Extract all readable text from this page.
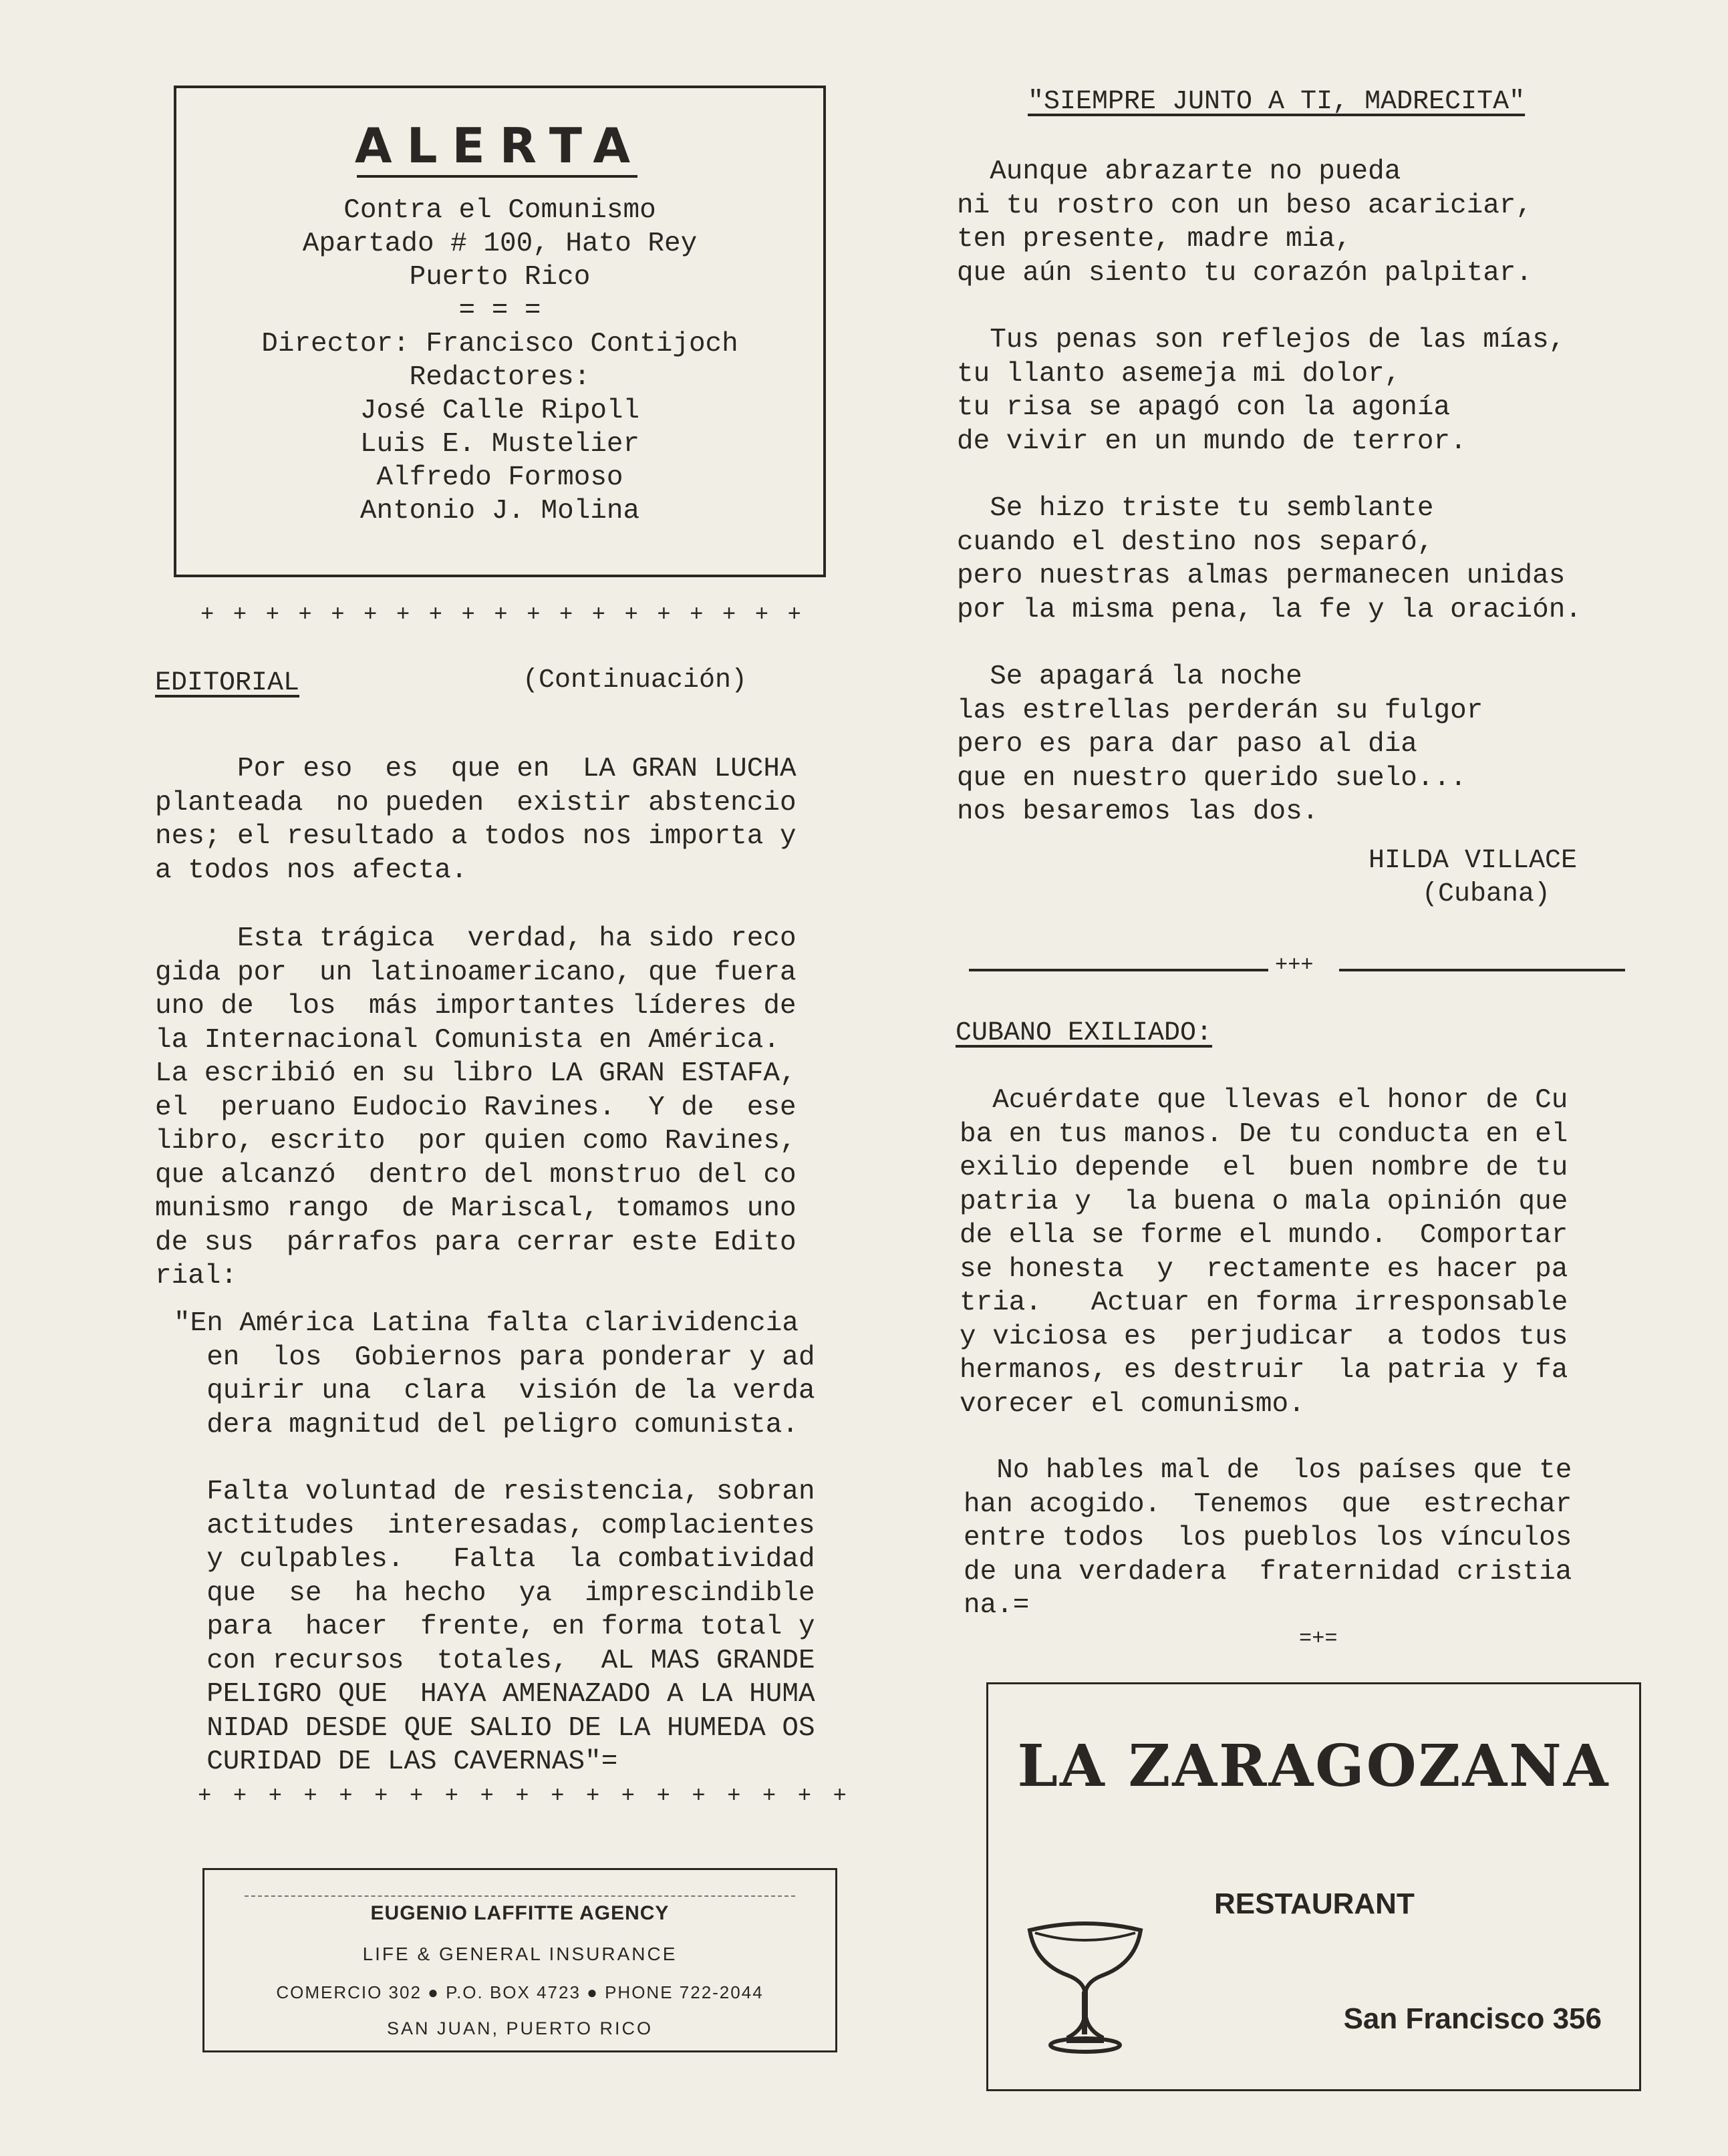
ALERTA
Contra el Comunismo
Apartado # 100, Hato Rey
Puerto Rico
= = =
Director: Francisco Contijoch
Redactores:
José Calle Ripoll
Luis E. Mustelier
Alfredo Formoso
Antonio J. Molina
+ + + + + + + + + + + + + + + + + + +
EDITORIAL	(Continuación)
Por eso  es  que en  LA GRAN LUCHA
planteada  no pueden  existir abstencio
nes; el resultado a todos nos importa y
a todos nos afecta.
Esta trágica  verdad, ha sido reco
gida por  un latinoamericano, que fuera
uno de  los  más importantes líderes de
la Internacional Comunista en América.
La escribió en su libro LA GRAN ESTAFA,
el  peruano Eudocio Ravines.  Y de  ese
libro, escrito  por quien como Ravines,
que alcanzó  dentro del monstruo del co
munismo rango  de Mariscal, tomamos uno
de sus  párrafos para cerrar este Edito
rial:
"En América Latina falta clarividencia
en  los  Gobiernos para ponderar y ad
quirir una  clara  visión de la verda
dera magnitud del peligro comunista.
Falta voluntad de resistencia, sobran
actitudes  interesadas, complacientes
y culpables.   Falta  la combatividad
que  se  ha hecho  ya  imprescindible
para  hacer  frente, en forma total y
con recursos  totales,  AL MAS GRANDE
PELIGRO QUE  HAYA AMENAZADO A LA HUMA
NIDAD DESDE QUE SALIO DE LA HUMEDA OS
CURIDAD DE LAS CAVERNAS"=
+ + + + + + + + + + + + + + + + + + +
EUGENIO LAFFITTE AGENCY
LIFE & GENERAL INSURANCE
COMERCIO 302 ● P.O. BOX 4723 ● PHONE 722-2044
SAN JUAN, PUERTO RICO
"SIEMPRE JUNTO A TI, MADRECITA"
Aunque abrazarte no pueda
ni tu rostro con un beso acariciar,
ten presente, madre mia,
que aún siento tu corazón palpitar.
Tus penas son reflejos de las mías,
tu llanto asemeja mi dolor,
tu risa se apagó con la agonía
de vivir en un mundo de terror.
Se hizo triste tu semblante
cuando el destino nos separó,
pero nuestras almas permanecen unidas
por la misma pena, la fe y la oración.
Se apagará la noche
las estrellas perderán su fulgor
pero es para dar paso al dia
que en nuestro querido suelo...
nos besaremos las dos.
HILDA VILLACE
(Cubana)
+++
CUBANO EXILIADO:
Acuérdate que llevas el honor de Cu
ba en tus manos. De tu conducta en el
exilio depende  el  buen nombre de tu
patria y  la buena o mala opinión que
de ella se forme el mundo.  Comportar
se honesta  y  rectamente es hacer pa
tria.   Actuar en forma irresponsable
y viciosa es  perjudicar  a todos tus
hermanos, es destruir  la patria y fa
vorecer el comunismo.
No hables mal de  los países que te
han acogido.  Tenemos  que  estrechar
entre todos  los pueblos los vínculos
de una verdadera  fraternidad cristia
na.=
=+=
LA ZARAGOZANA
RESTAURANT
San Francisco 356
